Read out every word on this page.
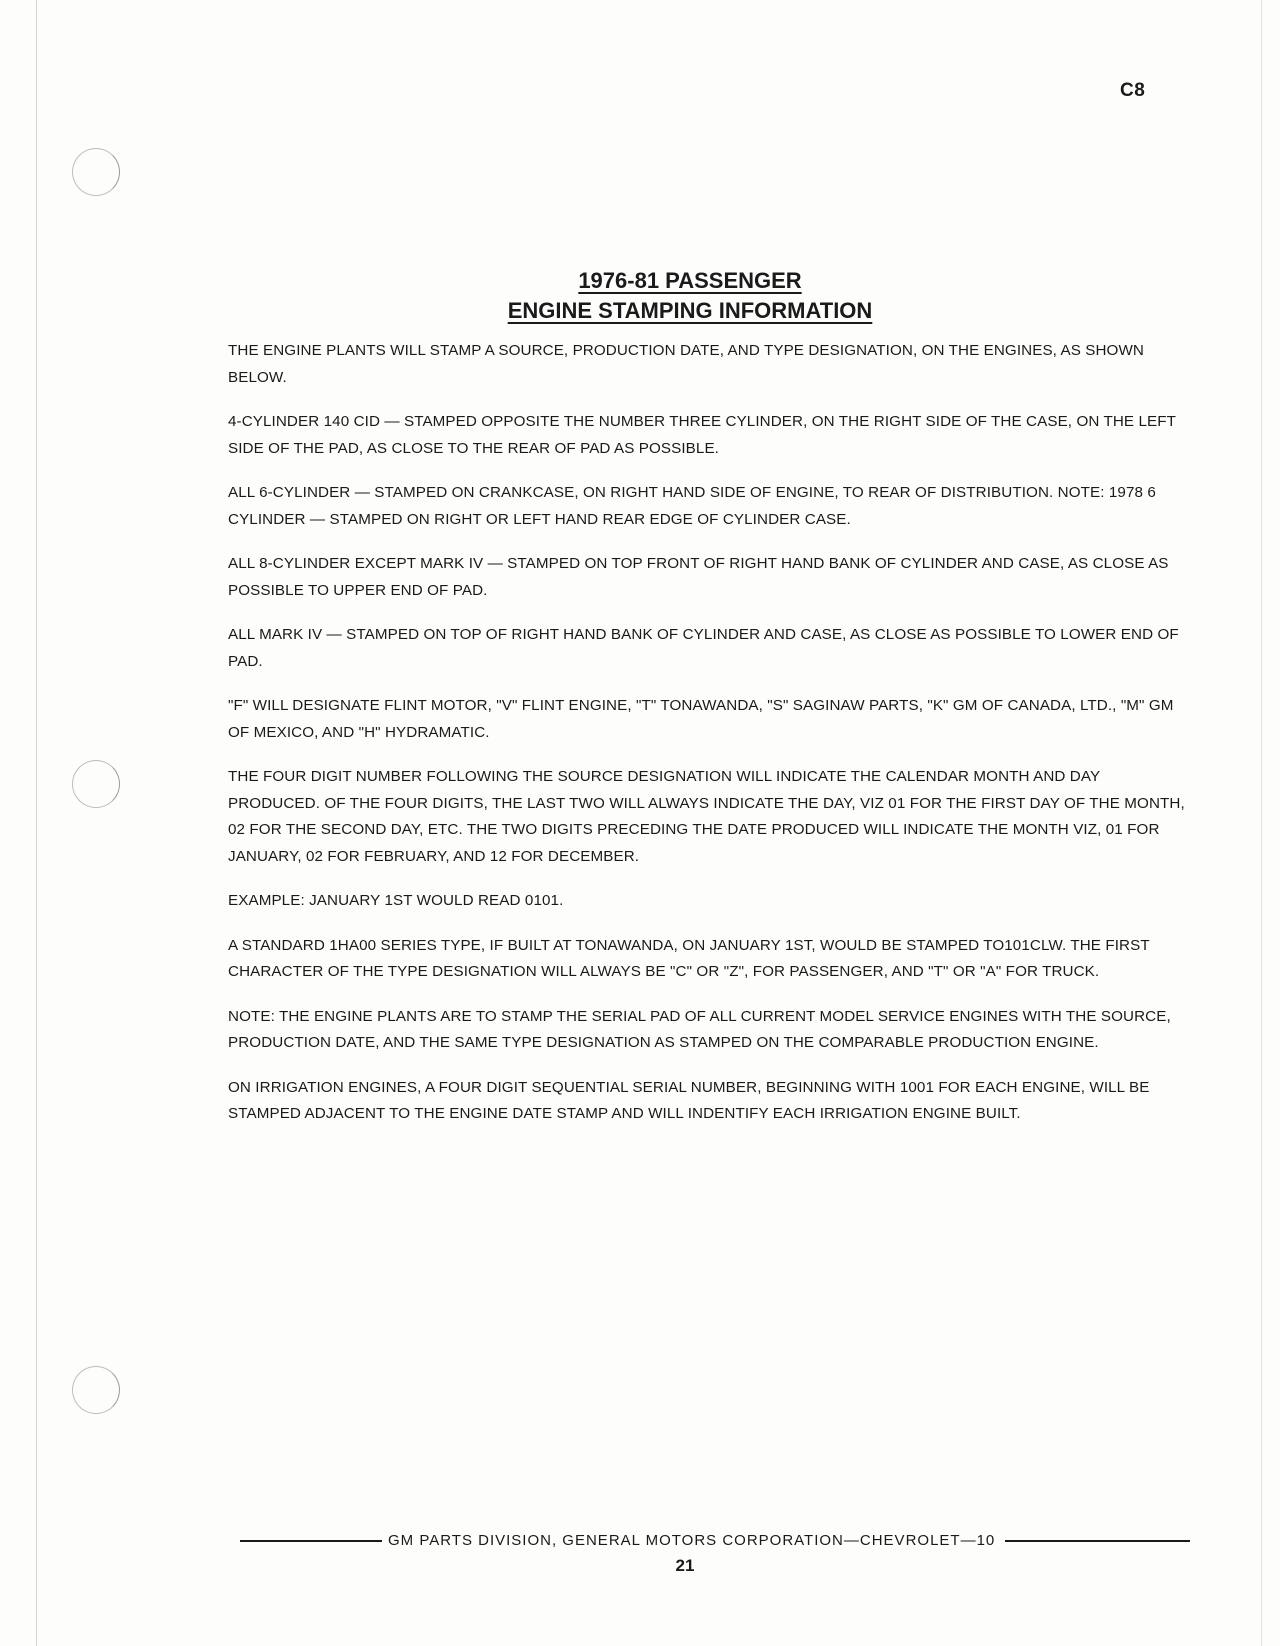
C8
1976-81 PASSENGER
ENGINE STAMPING INFORMATION

THE ENGINE PLANTS WILL STAMP A SOURCE, PRODUCTION DATE, AND TYPE DESIGNATION, ON THE ENGINES, AS SHOWN BELOW.

4-CYLINDER 140 CID — STAMPED OPPOSITE THE NUMBER THREE CYLINDER, ON THE RIGHT SIDE OF THE CASE, ON THE LEFT SIDE OF THE PAD, AS CLOSE TO THE REAR OF PAD AS POSSIBLE.

ALL 6-CYLINDER — STAMPED ON CRANKCASE, ON RIGHT HAND SIDE OF ENGINE, TO REAR OF DISTRIBUTION. NOTE: 1978 6 CYLINDER — STAMPED ON RIGHT OR LEFT HAND REAR EDGE OF CYLINDER CASE.

ALL 8-CYLINDER EXCEPT MARK IV — STAMPED ON TOP FRONT OF RIGHT HAND BANK OF CYLINDER AND CASE, AS CLOSE AS POSSIBLE TO UPPER END OF PAD.

ALL MARK IV — STAMPED ON TOP OF RIGHT HAND BANK OF CYLINDER AND CASE, AS CLOSE AS POSSIBLE TO LOWER END OF PAD.

"F" WILL DESIGNATE FLINT MOTOR, "V" FLINT ENGINE, "T" TONAWANDA, "S" SAGINAW PARTS, "K" GM OF CANADA, LTD., "M" GM OF MEXICO, AND "H" HYDRAMATIC.

THE FOUR DIGIT NUMBER FOLLOWING THE SOURCE DESIGNATION WILL INDICATE THE CALENDAR MONTH AND DAY PRODUCED. OF THE FOUR DIGITS, THE LAST TWO WILL ALWAYS INDICATE THE DAY, VIZ 01 FOR THE FIRST DAY OF THE MONTH, 02 FOR THE SECOND DAY, ETC. THE TWO DIGITS PRECEDING THE DATE PRODUCED WILL INDICATE THE MONTH VIZ, 01 FOR JANUARY, 02 FOR FEBRUARY, AND 12 FOR DECEMBER.

EXAMPLE: JANUARY 1ST WOULD READ 0101.

A STANDARD 1HA00 SERIES TYPE, IF BUILT AT TONAWANDA, ON JANUARY 1ST, WOULD BE STAMPED TO101CLW. THE FIRST CHARACTER OF THE TYPE DESIGNATION WILL ALWAYS BE "C" OR "Z", FOR PASSENGER, AND "T" OR "A" FOR TRUCK.

NOTE: THE ENGINE PLANTS ARE TO STAMP THE SERIAL PAD OF ALL CURRENT MODEL SERVICE ENGINES WITH THE SOURCE, PRODUCTION DATE, AND THE SAME TYPE DESIGNATION AS STAMPED ON THE COMPARABLE PRODUCTION ENGINE.

ON IRRIGATION ENGINES, A FOUR DIGIT SEQUENTIAL SERIAL NUMBER, BEGINNING WITH 1001 FOR EACH ENGINE, WILL BE STAMPED ADJACENT TO THE ENGINE DATE STAMP AND WILL INDENTIFY EACH IRRIGATION ENGINE BUILT.

GM PARTS DIVISION, GENERAL MOTORS CORPORATION—CHEVROLET—10
21
